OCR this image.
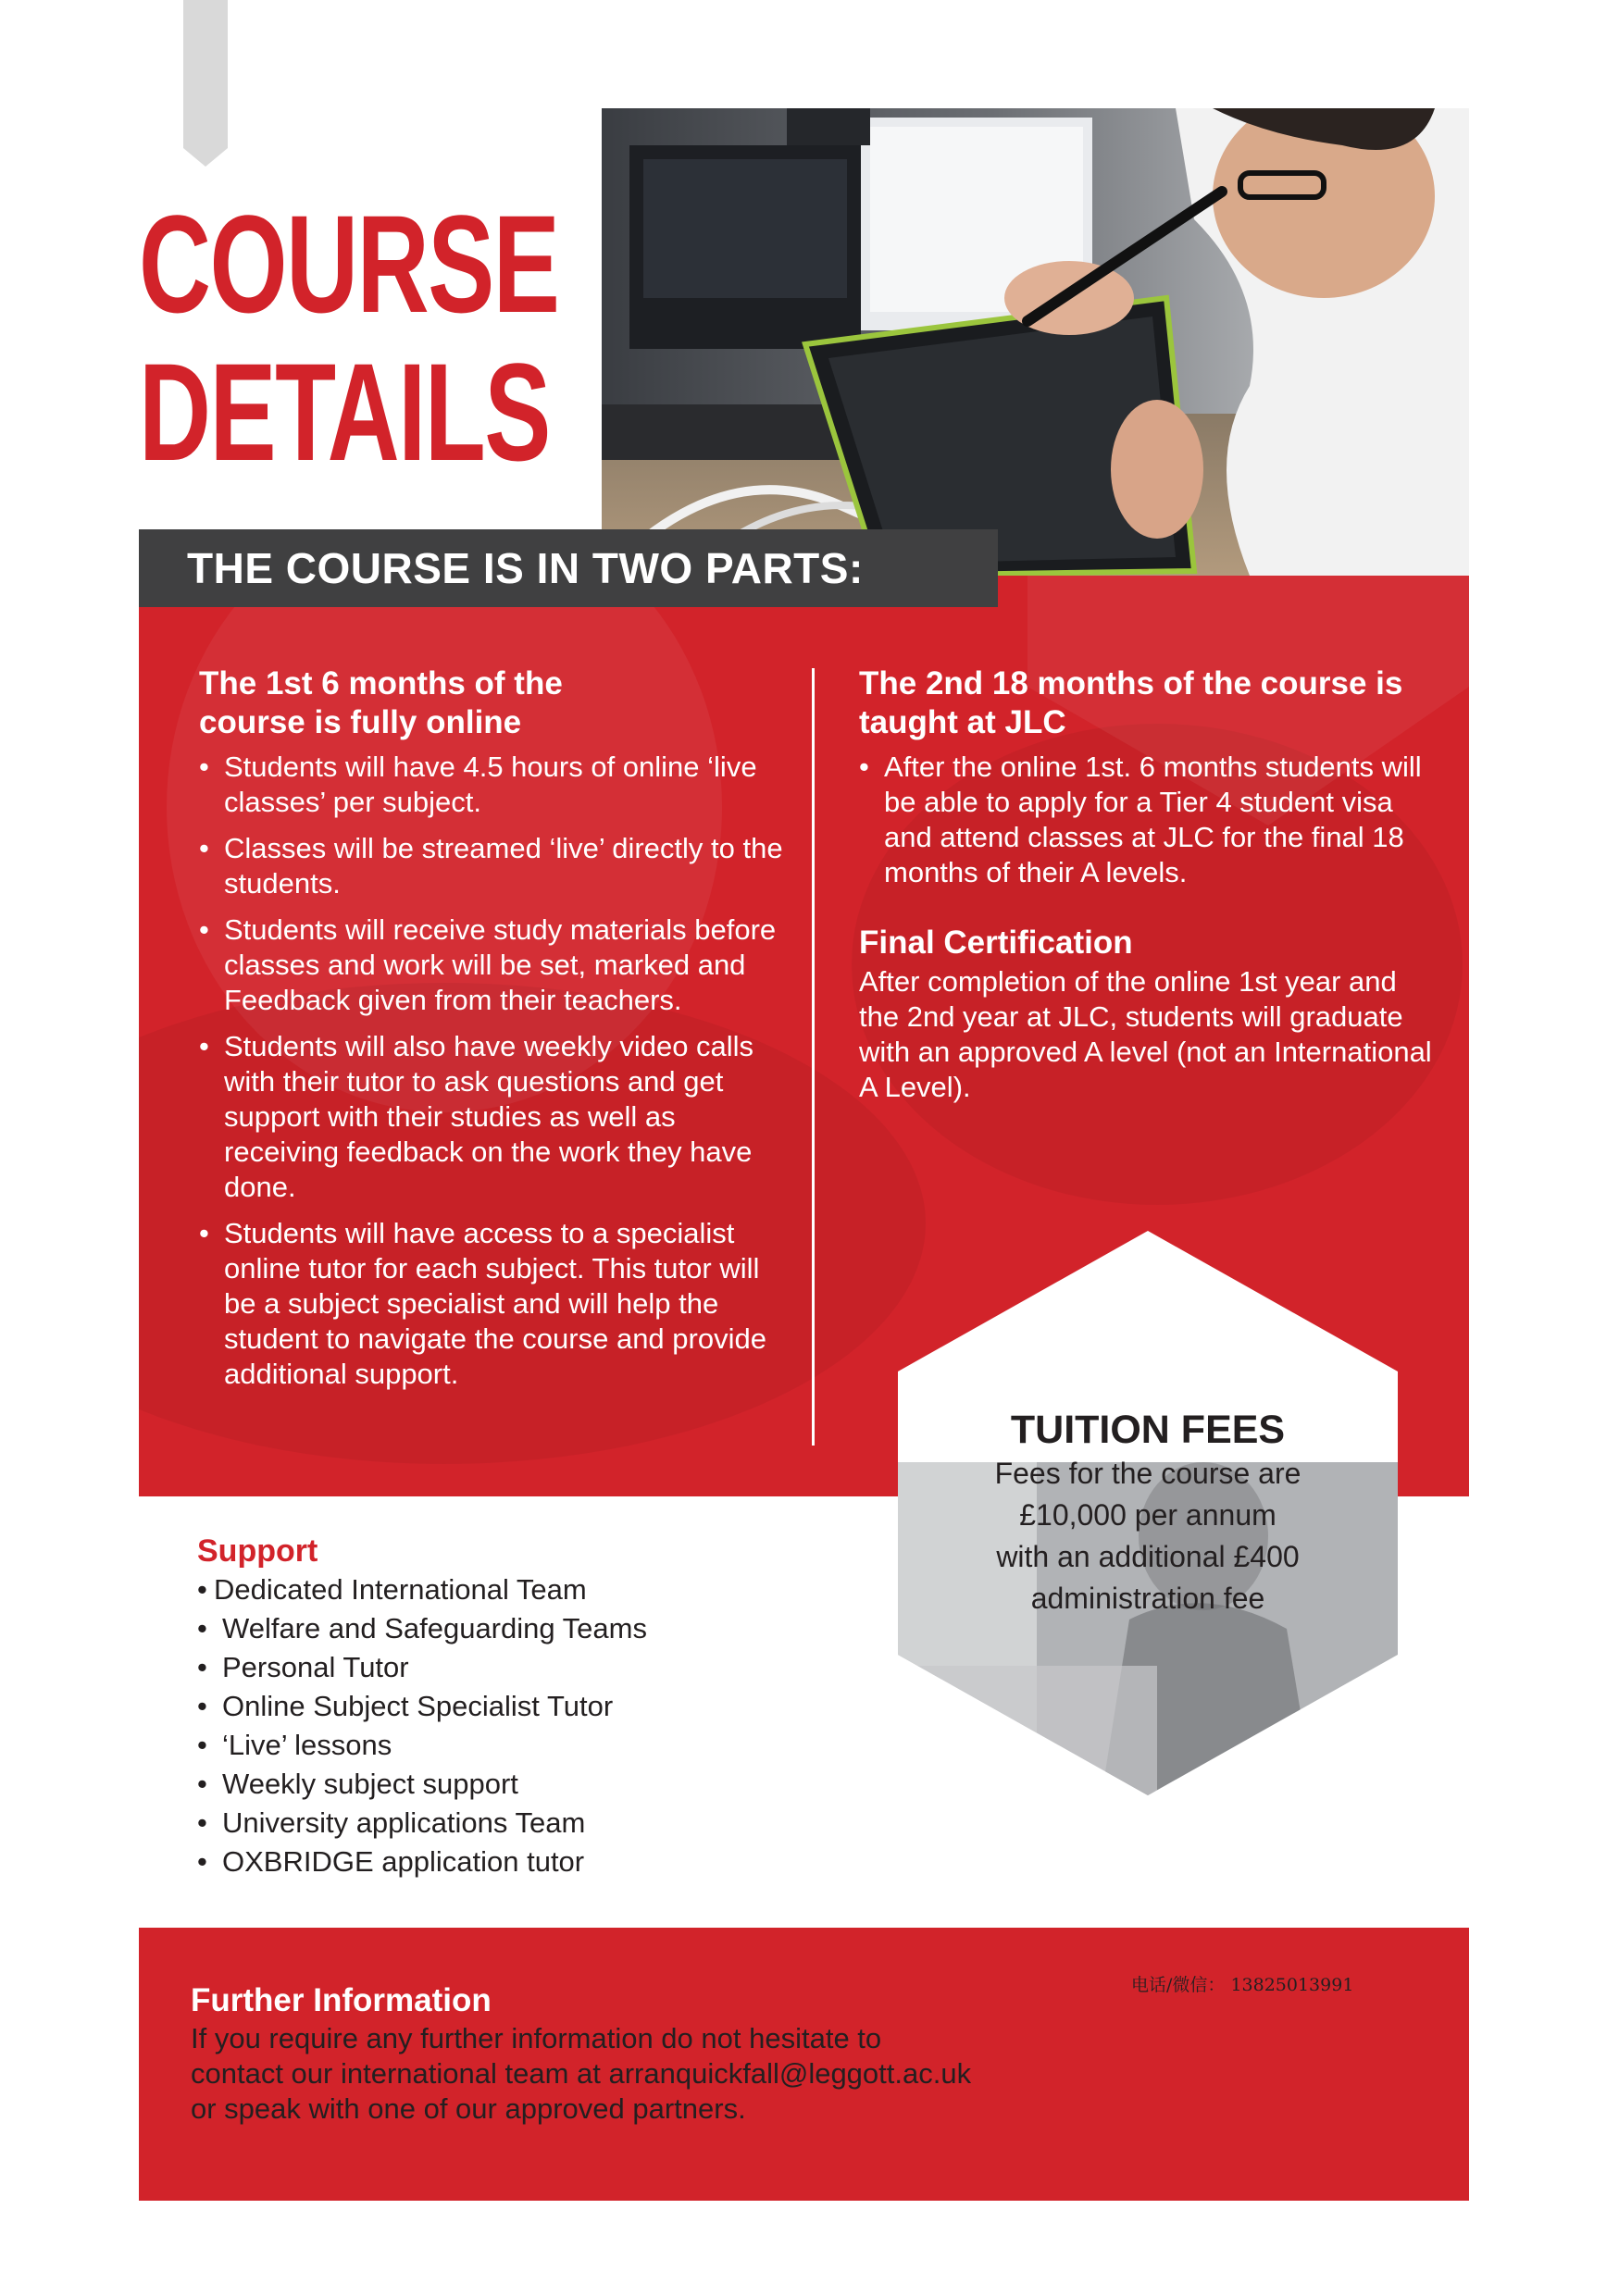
COURSE
DETAILS
THE COURSE IS IN TWO PARTS:
The 1st 6 months of the course is fully online
• Students will have 4.5 hours of online ‘live classes’ per subject.
• Classes will be streamed ‘live’ directly to the students.
• Students will receive study materials before classes and work will be set, marked and Feedback given from their teachers.
• Students will also have weekly video calls with their tutor to ask questions and get support with their studies as well as receiving feedback on the work they have done.
• Students will have access to a specialist online tutor for each subject. This tutor will be a subject specialist and will help the student to navigate the course and provide additional support.
The 2nd 18 months of the course is taught at JLC
• After the online 1st. 6 months students will be able to apply for a Tier 4 student visa and attend classes at JLC for the final 18 months of their A levels.
Final Certification
After completion of the online 1st year and the 2nd year at JLC, students will graduate with an approved A level (not an International A Level).
TUITION FEES
Fees for the course are
£10,000 per annum
with an additional £400
administration fee
Support
• Dedicated International Team
• Welfare and Safeguarding Teams
• Personal Tutor
• Online Subject Specialist Tutor
• ‘Live’ lessons
• Weekly subject support
• University applications Team
• OXBRIDGE application tutor
Further Information
If you require any further information do not hesitate to
contact our international team at arranquickfall@leggott.ac.uk
or speak with one of our approved partners.
电话/微信： 13825013991
